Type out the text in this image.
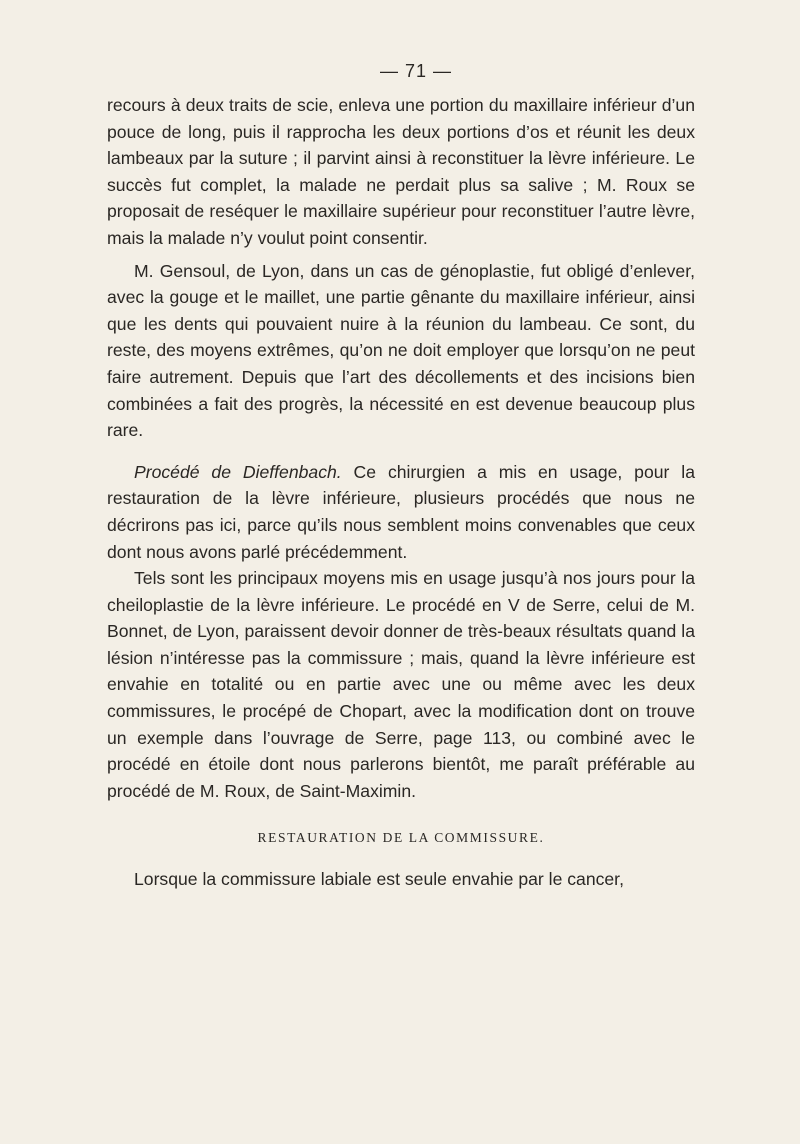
— 71 —

recours à deux traits de scie, enleva une portion du maxillaire inférieur d’un pouce de long, puis il rapprocha les deux portions d’os et réunit les deux lambeaux par la suture ; il parvint ainsi à reconstituer la lèvre inférieure. Le succès fut complet, la malade ne perdait plus sa salive ; M. Roux se proposait de reséquer le maxillaire supérieur pour reconstituer l’autre lèvre, mais la malade n’y voulut point consentir.

M. Gensoul, de Lyon, dans un cas de génoplastie, fut obligé d’enlever, avec la gouge et le maillet, une partie gênante du maxillaire inférieur, ainsi que les dents qui pouvaient nuire à la réunion du lambeau. Ce sont, du reste, des moyens extrêmes, qu’on ne doit employer que lorsqu’on ne peut faire autrement. Depuis que l’art des décollements et des incisions bien combinées a fait des progrès, la nécessité en est devenue beaucoup plus rare.

Procédé de Dieffenbach. Ce chirurgien a mis en usage, pour la restauration de la lèvre inférieure, plusieurs procédés que nous ne décrirons pas ici, parce qu’ils nous semblent moins convenables que ceux dont nous avons parlé précédemment.

Tels sont les principaux moyens mis en usage jusqu’à nos jours pour la cheiloplastie de la lèvre inférieure. Le procédé en V de Serre, celui de M. Bonnet, de Lyon, paraissent devoir donner de très-beaux résultats quand la lésion n’intéresse pas la commissure ; mais, quand la lèvre inférieure est envahie en totalité ou en partie avec une ou même avec les deux commissures, le procépé de Chopart, avec la modification dont on trouve un exemple dans l’ouvrage de Serre, page 113, ou combiné avec le procédé en étoile dont nous parlerons bientôt, me paraît préférable au procédé de M. Roux, de Saint-Maximin.

RESTAURATION DE LA COMMISSURE.

Lorsque la commissure labiale est seule envahie par le cancer,
